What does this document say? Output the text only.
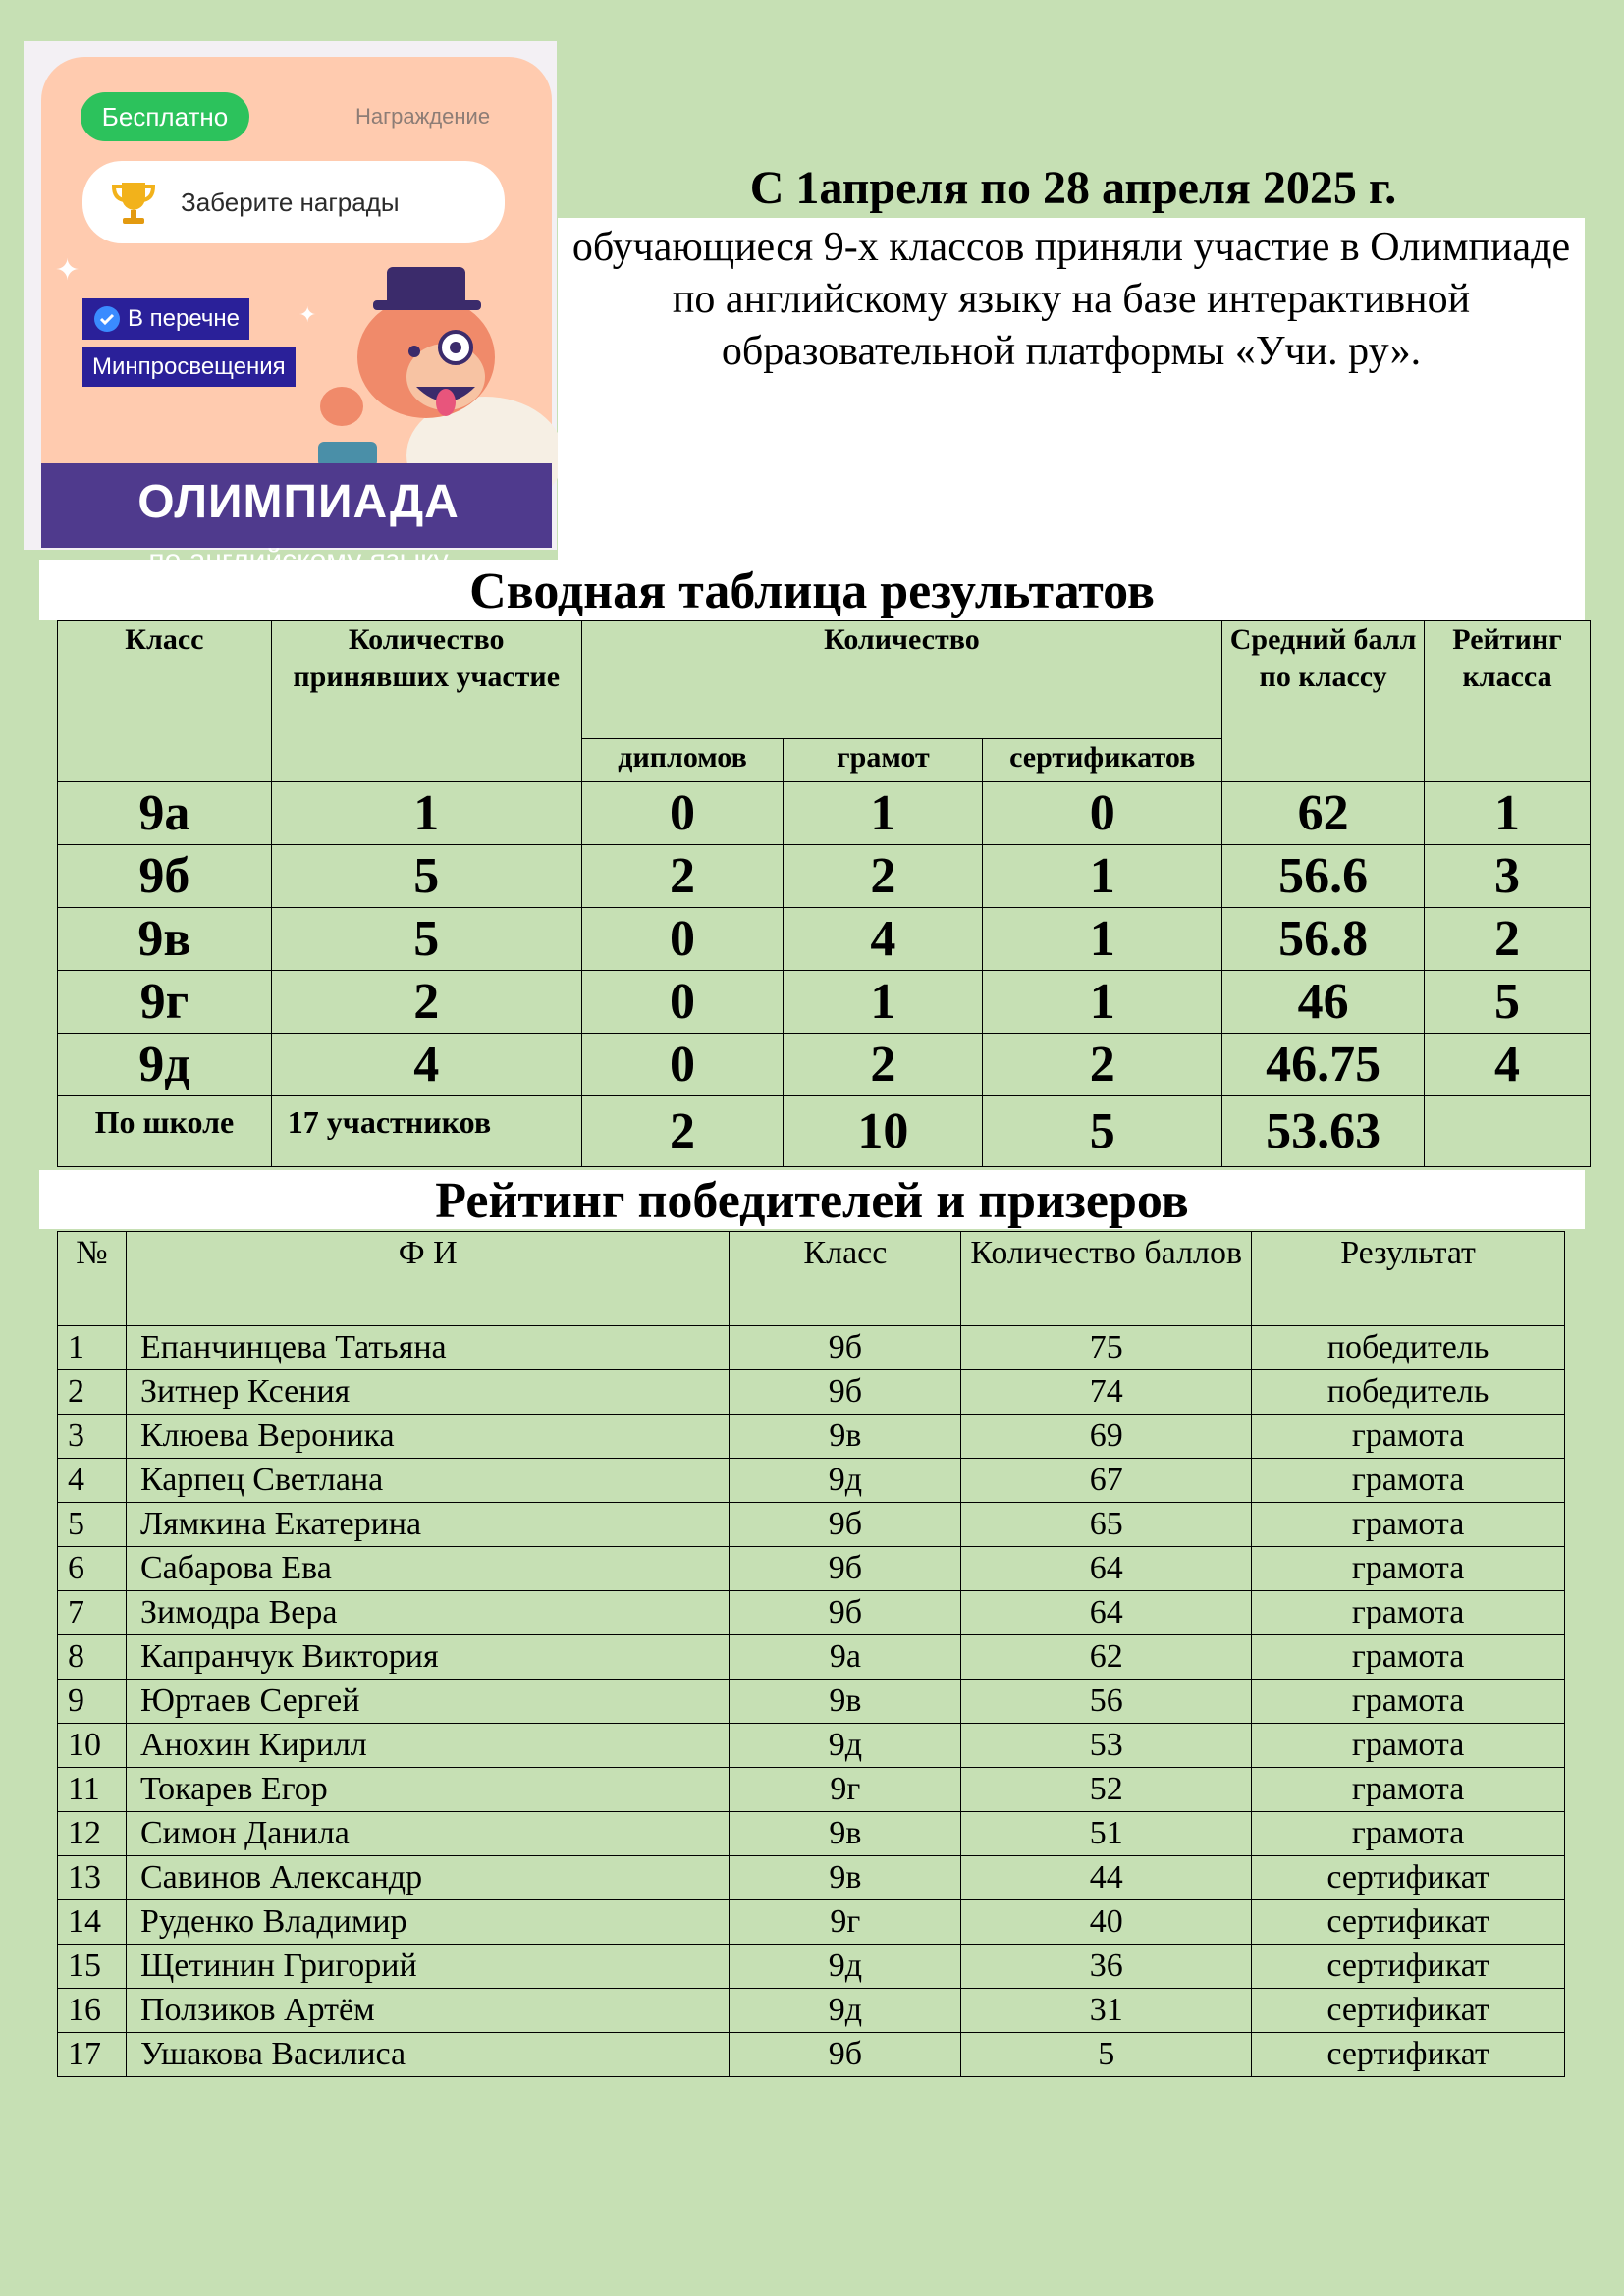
Бесплатно	Награждение
Заберите награды
✦
✦
В перечне
Минпросвещения
ОЛИМПИАДА
С 1апреля по 28 апреля 2025 г.
обучающиеся 9-х классов приняли участие в Олимпиаде по английскому языку на базе интерактивной образовательной платформы «Учи. ру».
Сводная таблица результатов
Класс	Количество принявших участие	Количество			Средний балл по классу	Рейтинг класса
		дипломов	грамот	сертификатов		
9а	1	0	1	0	62	1
9б	5	2	2	1	56.6	3
9в	5	0	4	1	56.8	2
9г	2	0	1	1	46	5
9д	4	0	2	2	46.75	4
По школе	17 участников	2	10	5	53.63	
Рейтинг победителей и призеров
№	Ф И	Класс	Количество баллов	Результат
1	Епанчинцева Татьяна	9б	75	победитель
2	Зитнер Ксения	9б	74	победитель
3	Клюева Вероника	9в	69	грамота
4	Карпец Светлана	9д	67	грамота
5	Лямкина Екатерина	9б	65	грамота
6	Сабарова Ева	9б	64	грамота
7	Зимодра Вера	9б	64	грамота
8	Капранчук Виктория	9а	62	грамота
9	Юртаев Сергей	9в	56	грамота
10	Анохин Кирилл	9д	53	грамота
11	Токарев Егор	9г	52	грамота
12	Симон Данила	9в	51	грамота
13	Савинов Александр	9в	44	сертификат
14	Руденко Владимир	9г	40	сертификат
15	Щетинин Григорий	9д	36	сертификат
16	Ползиков Артём	9д	31	сертификат
17	Ушакова Василиса	9б	5	сертификат
